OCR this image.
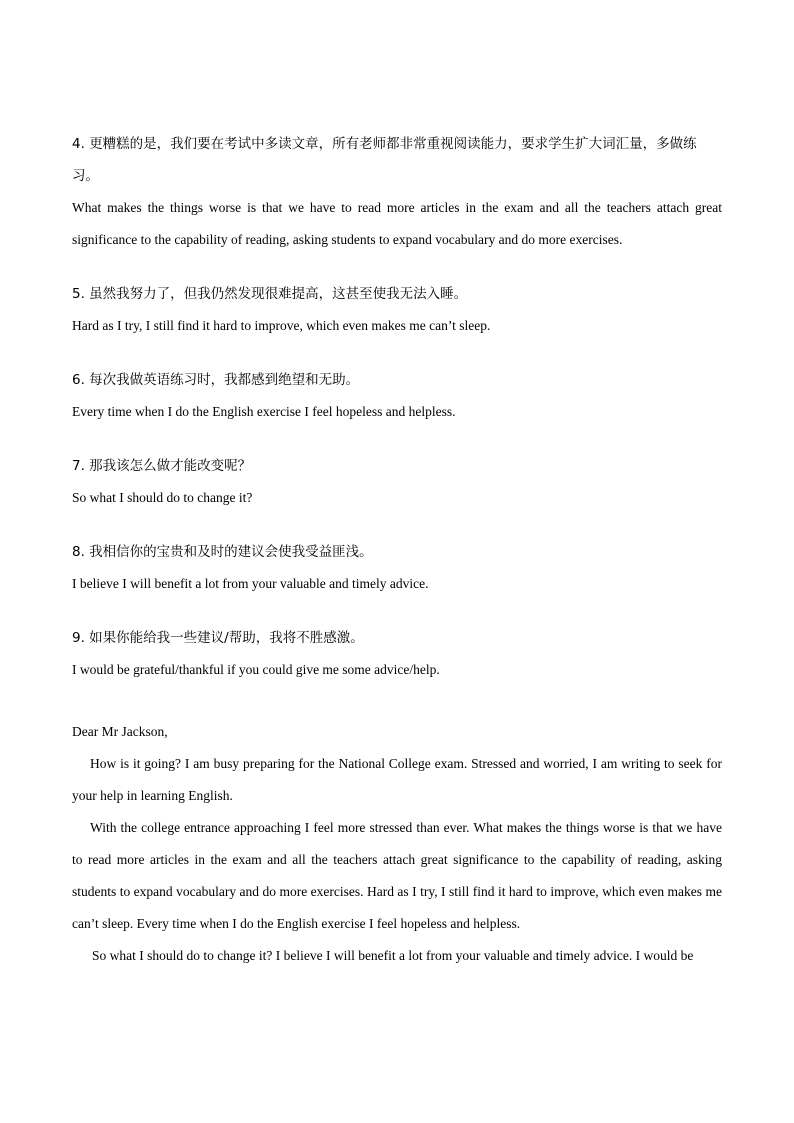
4. 更糟糕的是，我们要在考试中多读文章，所有老师都非常重视阅读能力，要求学生扩大词汇量，多做练习。

What makes the things worse is that we have to read more articles in the exam and all the teachers attach great significance to the capability of reading, asking students to expand vocabulary and do more exercises.

5. 虽然我努力了，但我仍然发现很难提高，这甚至使我无法入睡。

Hard as I try, I still find it hard to improve, which even makes me can’t sleep.

6. 每次我做英语练习时，我都感到绝望和无助。

Every time when I do the English exercise I feel hopeless and helpless.

7. 那我该怎么做才能改变呢？

So what I should do to change it?

8. 我相信你的宝贵和及时的建议会使我受益匪浅。

I believe I will benefit a lot from your valuable and timely advice.

9. 如果你能给我一些建议/帮助，我将不胜感激。

I would be grateful/thankful if you could give me some advice/help.

Dear Mr Jackson,

How is it going? I am busy preparing for the National College exam. Stressed and worried, I am writing to seek for your help in learning English.

With the college entrance approaching I feel more stressed than ever. What makes the things worse is that we have to read more articles in the exam and all the teachers attach great significance to the capability of reading, asking students to expand vocabulary and do more exercises. Hard as I try, I still find it hard to improve, which even makes me can’t sleep. Every time when I do the English exercise I feel hopeless and helpless.

So what I should do to change it? I believe I will benefit a lot from your valuable and timely advice. I would be
